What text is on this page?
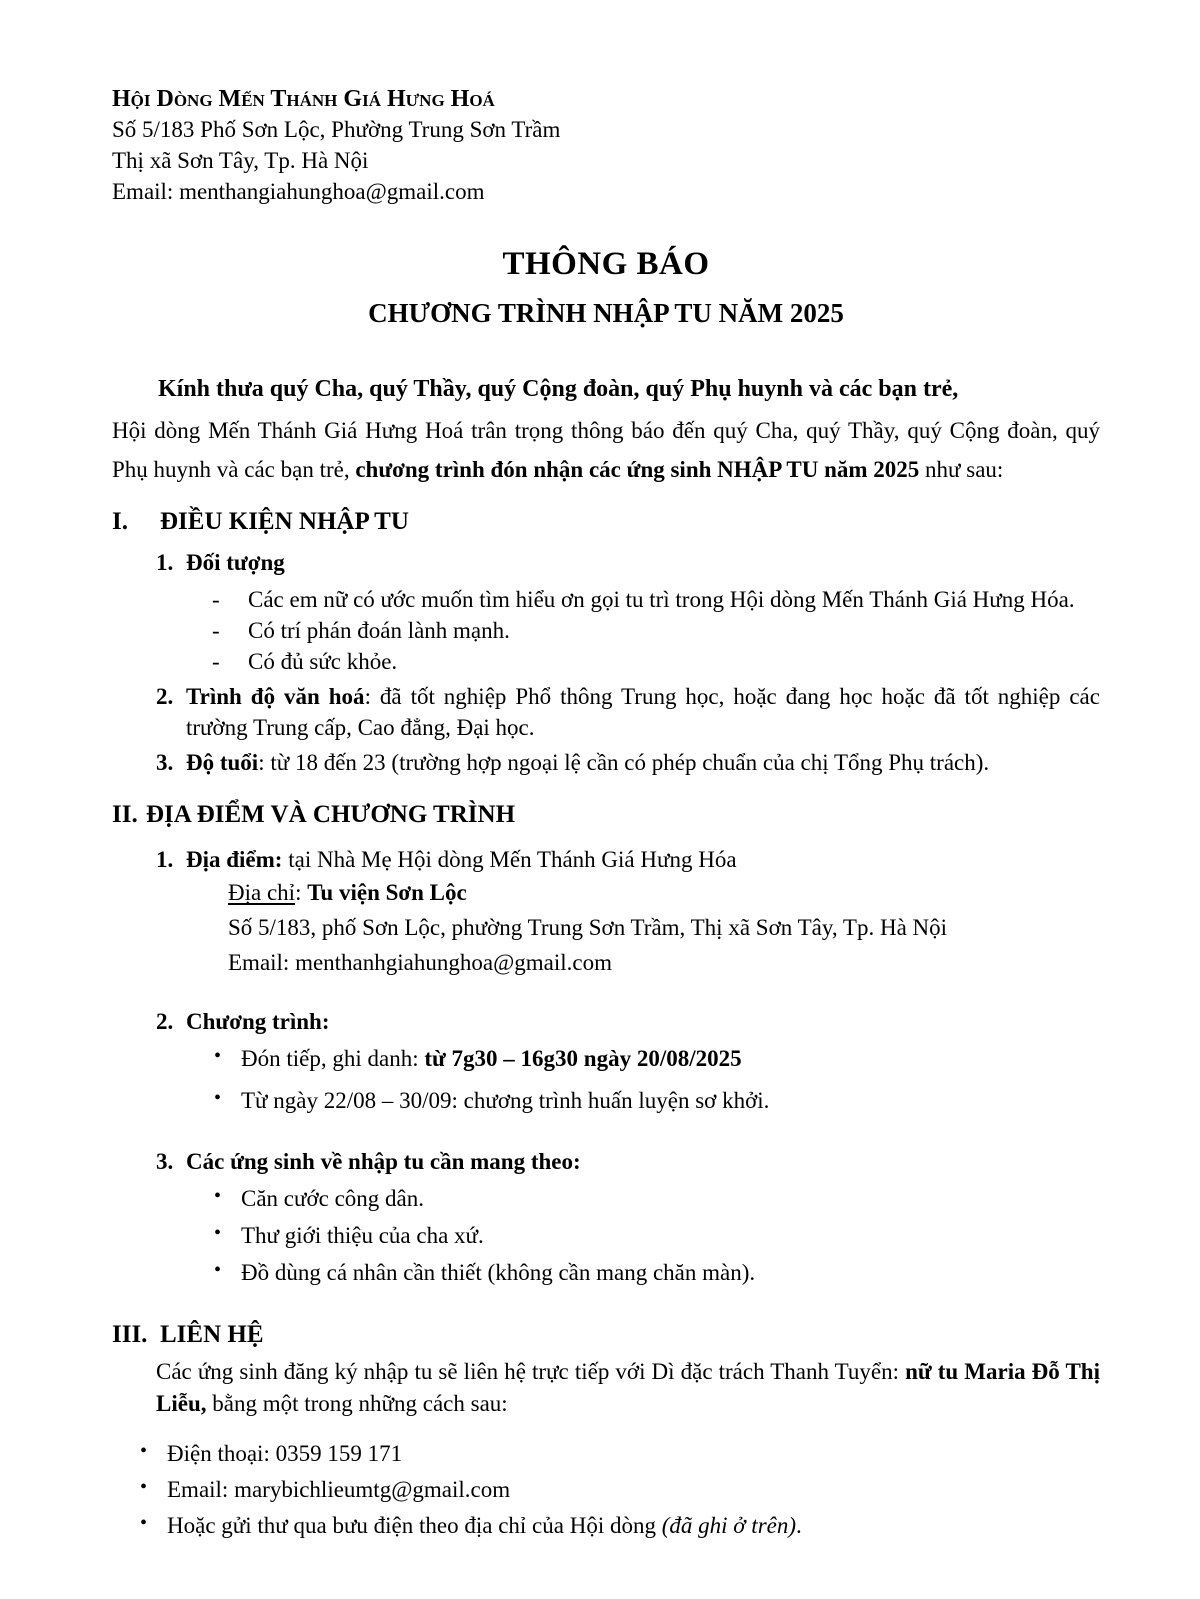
Hội Dòng Mến Thánh Giá Hưng Hoá
Số 5/183 Phố Sơn Lộc, Phường Trung Sơn Trầm
Thị xã Sơn Tây, Tp. Hà Nội
Email: menthangiahunghoa@gmail.com
THÔNG BÁO
CHƯƠNG TRÌNH NHẬP TU NĂM 2025

Kính thưa quý Cha, quý Thầy, quý Cộng đoàn, quý Phụ huynh và các bạn trẻ,

Hội dòng Mến Thánh Giá Hưng Hoá trân trọng thông báo đến quý Cha, quý Thầy, quý Cộng đoàn, quý Phụ huynh và các bạn trẻ, chương trình đón nhận các ứng sinh NHẬP TU năm 2025 như sau:

I.	ĐIỀU KIỆN NHẬP TU
1. Đối tượng
-	Các em nữ có ước muốn tìm hiểu ơn gọi tu trì trong Hội dòng Mến Thánh Giá Hưng Hóa.
-	Có trí phán đoán lành mạnh.
-	Có đủ sức khỏe.
2. Trình độ văn hoá: đã tốt nghiệp Phổ thông Trung học, hoặc đang học hoặc đã tốt nghiệp các trường Trung cấp, Cao đẳng, Đại học.
3. Độ tuổi: từ 18 đến 23 (trường hợp ngoại lệ cần có phép chuẩn của chị Tổng Phụ trách).
II. ĐỊA ĐIỂM VÀ CHƯƠNG TRÌNH
1. Địa điểm: tại Nhà Mẹ Hội dòng Mến Thánh Giá Hưng Hóa
Địa chỉ: Tu viện Sơn Lộc
Số 5/183, phố Sơn Lộc, phường Trung Sơn Trầm, Thị xã Sơn Tây, Tp. Hà Nội
Email: menthanhgiahunghoa@gmail.com
2. Chương trình:
• Đón tiếp, ghi danh: từ 7g30 – 16g30 ngày 20/08/2025
• Từ ngày 22/08 – 30/09: chương trình huấn luyện sơ khởi.
3. Các ứng sinh về nhập tu cần mang theo:
• Căn cước công dân.
• Thư giới thiệu của cha xứ.
• Đồ dùng cá nhân cần thiết (không cần mang chăn màn).
III. LIÊN HỆ

Các ứng sinh đăng ký nhập tu sẽ liên hệ trực tiếp với Dì đặc trách Thanh Tuyển: nữ tu Maria Đỗ Thị Liễu, bằng một trong những cách sau:

• Điện thoại: 0359 159 171
• Email: marybichlieumtg@gmail.com
• Hoặc gửi thư qua bưu điện theo địa chỉ của Hội dòng (đã ghi ở trên).
